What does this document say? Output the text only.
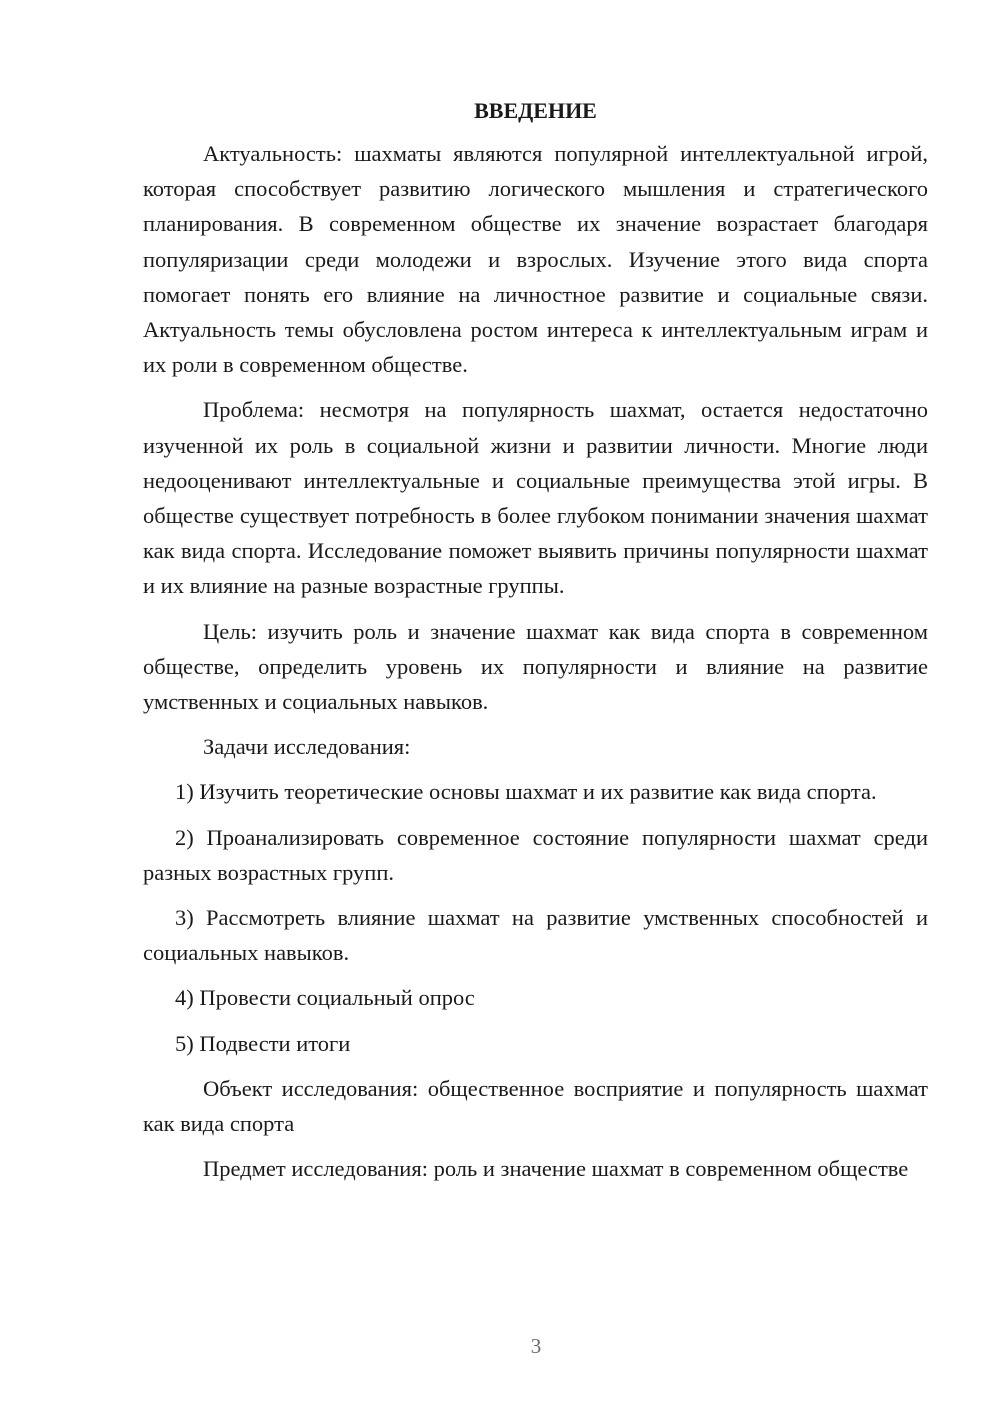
ВВЕДЕНИЕ

Актуальность: шахматы являются популярной интеллектуальной игрой, которая способствует развитию логического мышления и стратегического планирования. В современном обществе их значение возрастает благодаря популяризации среди молодежи и взрослых. Изучение этого вида спорта помогает понять его влияние на личностное развитие и социальные связи. Актуальность темы обусловлена ростом интереса к интеллектуальным играм и их роли в современном обществе.

Проблема: несмотря на популярность шахмат, остается недостаточно изученной их роль в социальной жизни и развитии личности. Многие люди недооценивают интеллектуальные и социальные преимущества этой игры. В обществе существует потребность в более глубоком понимании значения шахмат как вида спорта. Исследование поможет выявить причины популярности шахмат и их влияние на разные возрастные группы.

Цель: изучить роль и значение шахмат как вида спорта в современном обществе, определить уровень их популярности и влияние на развитие умственных и социальных навыков.

Задачи исследования:

1) Изучить теоретические основы шахмат и их развитие как вида спорта.

2) Проанализировать современное состояние популярности шахмат среди разных возрастных групп.

3) Рассмотреть влияние шахмат на развитие умственных способностей и социальных навыков.

4) Провести социальный опрос

5) Подвести итоги

Объект исследования: общественное восприятие и популярность шахмат как вида спорта

Предмет исследования: роль и значение шахмат в современном обществе

3
